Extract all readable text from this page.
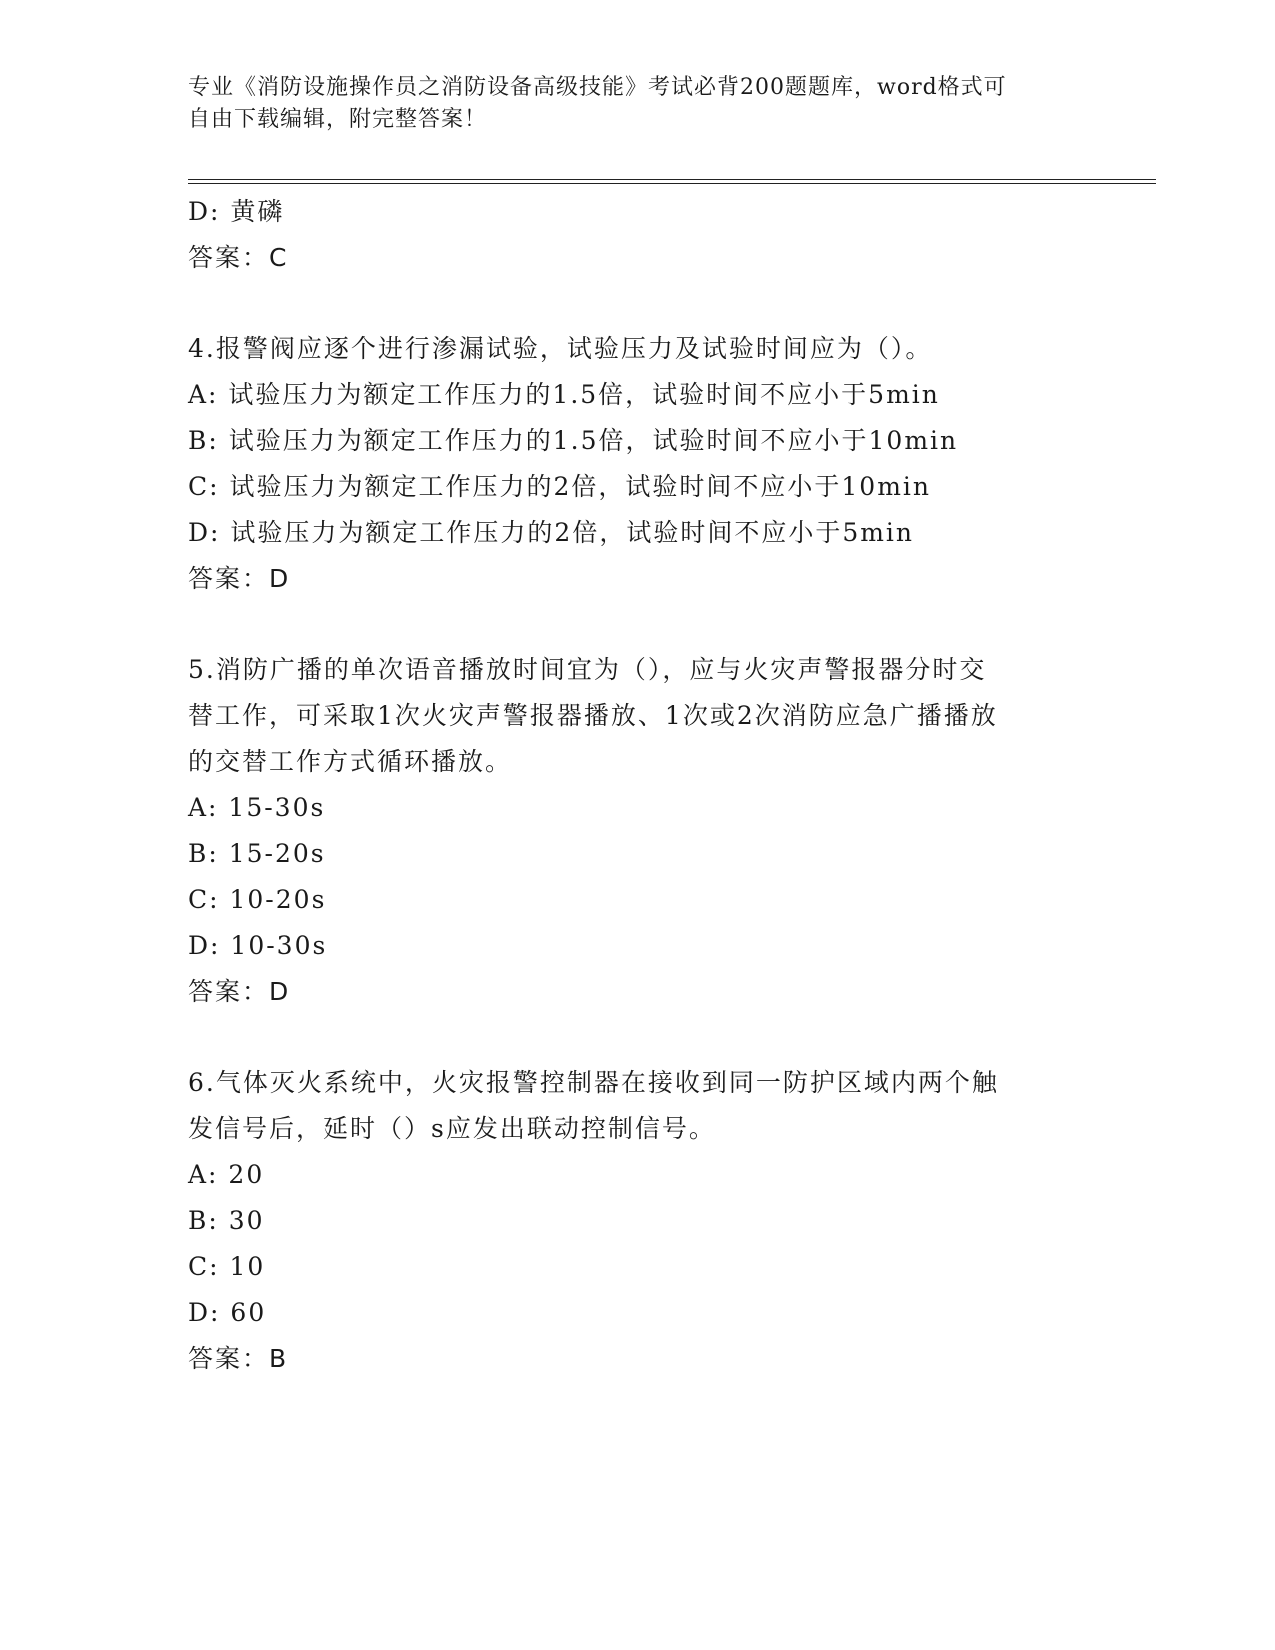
专业《消防设施操作员之消防设备高级技能》考试必背200题题库，word格式可
自由下载编辑，附完整答案！
D: 黄磷
答案：C
4.报警阀应逐个进行渗漏试验，试验压力及试验时间应为（）。
A: 试验压力为额定工作压力的1.5倍，试验时间不应小于5min
B: 试验压力为额定工作压力的1.5倍，试验时间不应小于10min
C: 试验压力为额定工作压力的2倍，试验时间不应小于10min
D: 试验压力为额定工作压力的2倍，试验时间不应小于5min
答案：D
5.消防广播的单次语音播放时间宜为（），应与火灾声警报器分时交
替工作，可采取1次火灾声警报器播放、1次或2次消防应急广播播放
的交替工作方式循环播放。
A: 15-30s
B: 15-20s
C: 10-20s
D: 10-30s
答案：D
6.气体灭火系统中，火灾报警控制器在接收到同一防护区域内两个触
发信号后，延时（）s应发出联动控制信号。
A: 20
B: 30
C: 10
D: 60
答案：B
